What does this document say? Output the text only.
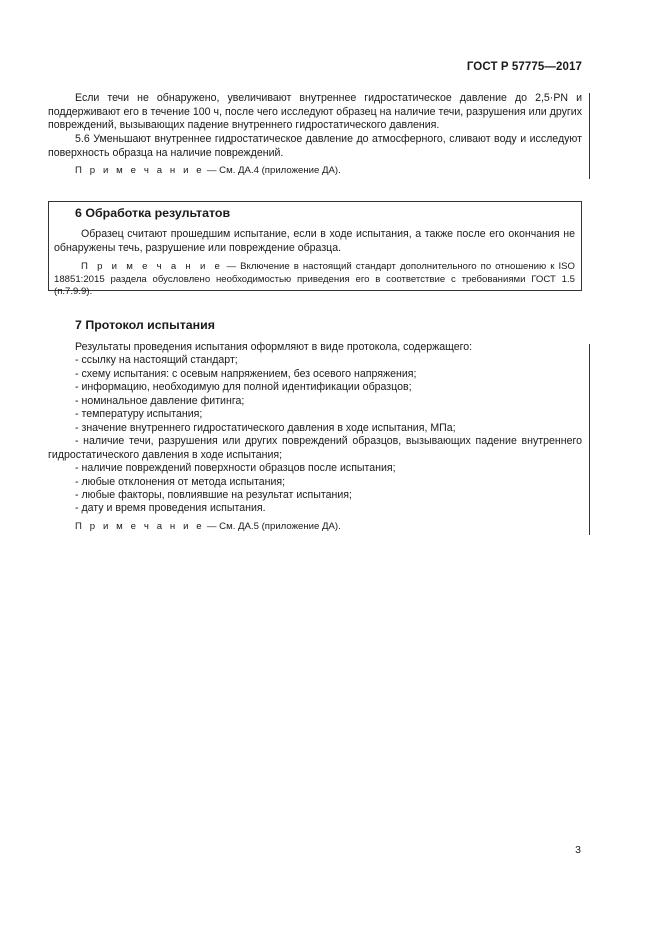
ГОСТ Р 57775—2017
Если течи не обнаружено, увеличивают внутреннее гидростатическое давление до 2,5·PN и поддерживают его в течение 100 ч, после чего исследуют образец на наличие течи, разрушения или других повреждений, вызывающих падение внутреннего гидростатического давления.
5.6 Уменьшают внутреннее гидростатическое давление до атмосферного, сливают воду и исследуют поверхность образца на наличие повреждений.
П р и м е ч а н и е — См. ДА.4 (приложение ДА).
6 Обработка результатов
Образец считают прошедшим испытание, если в ходе испытания, а также после его окончания не обнаружены течь, разрушение или повреждение образца.
П р и м е ч а н и е — Включение в настоящий стандарт дополнительного по отношению к ISO 18851:2015 раздела обусловлено необходимостью приведения его в соответствие с требованиями ГОСТ 1.5 (п.7.9.9).
7 Протокол испытания
Результаты проведения испытания оформляют в виде протокола, содержащего:
- ссылку на настоящий стандарт;
- схему испытания: с осевым напряжением, без осевого напряжения;
- информацию, необходимую для полной идентификации образцов;
- номинальное давление фитинга;
- температуру испытания;
- значение внутреннего гидростатического давления в ходе испытания, МПа;
- наличие течи, разрушения или других повреждений образцов, вызывающих падение внутреннего гидростатического давления в ходе испытания;
- наличие повреждений поверхности образцов после испытания;
- любые отклонения от метода испытания;
- любые факторы, повлиявшие на результат испытания;
- дату и время проведения испытания.
П р и м е ч а н и е — См. ДА.5 (приложение ДА).
3
